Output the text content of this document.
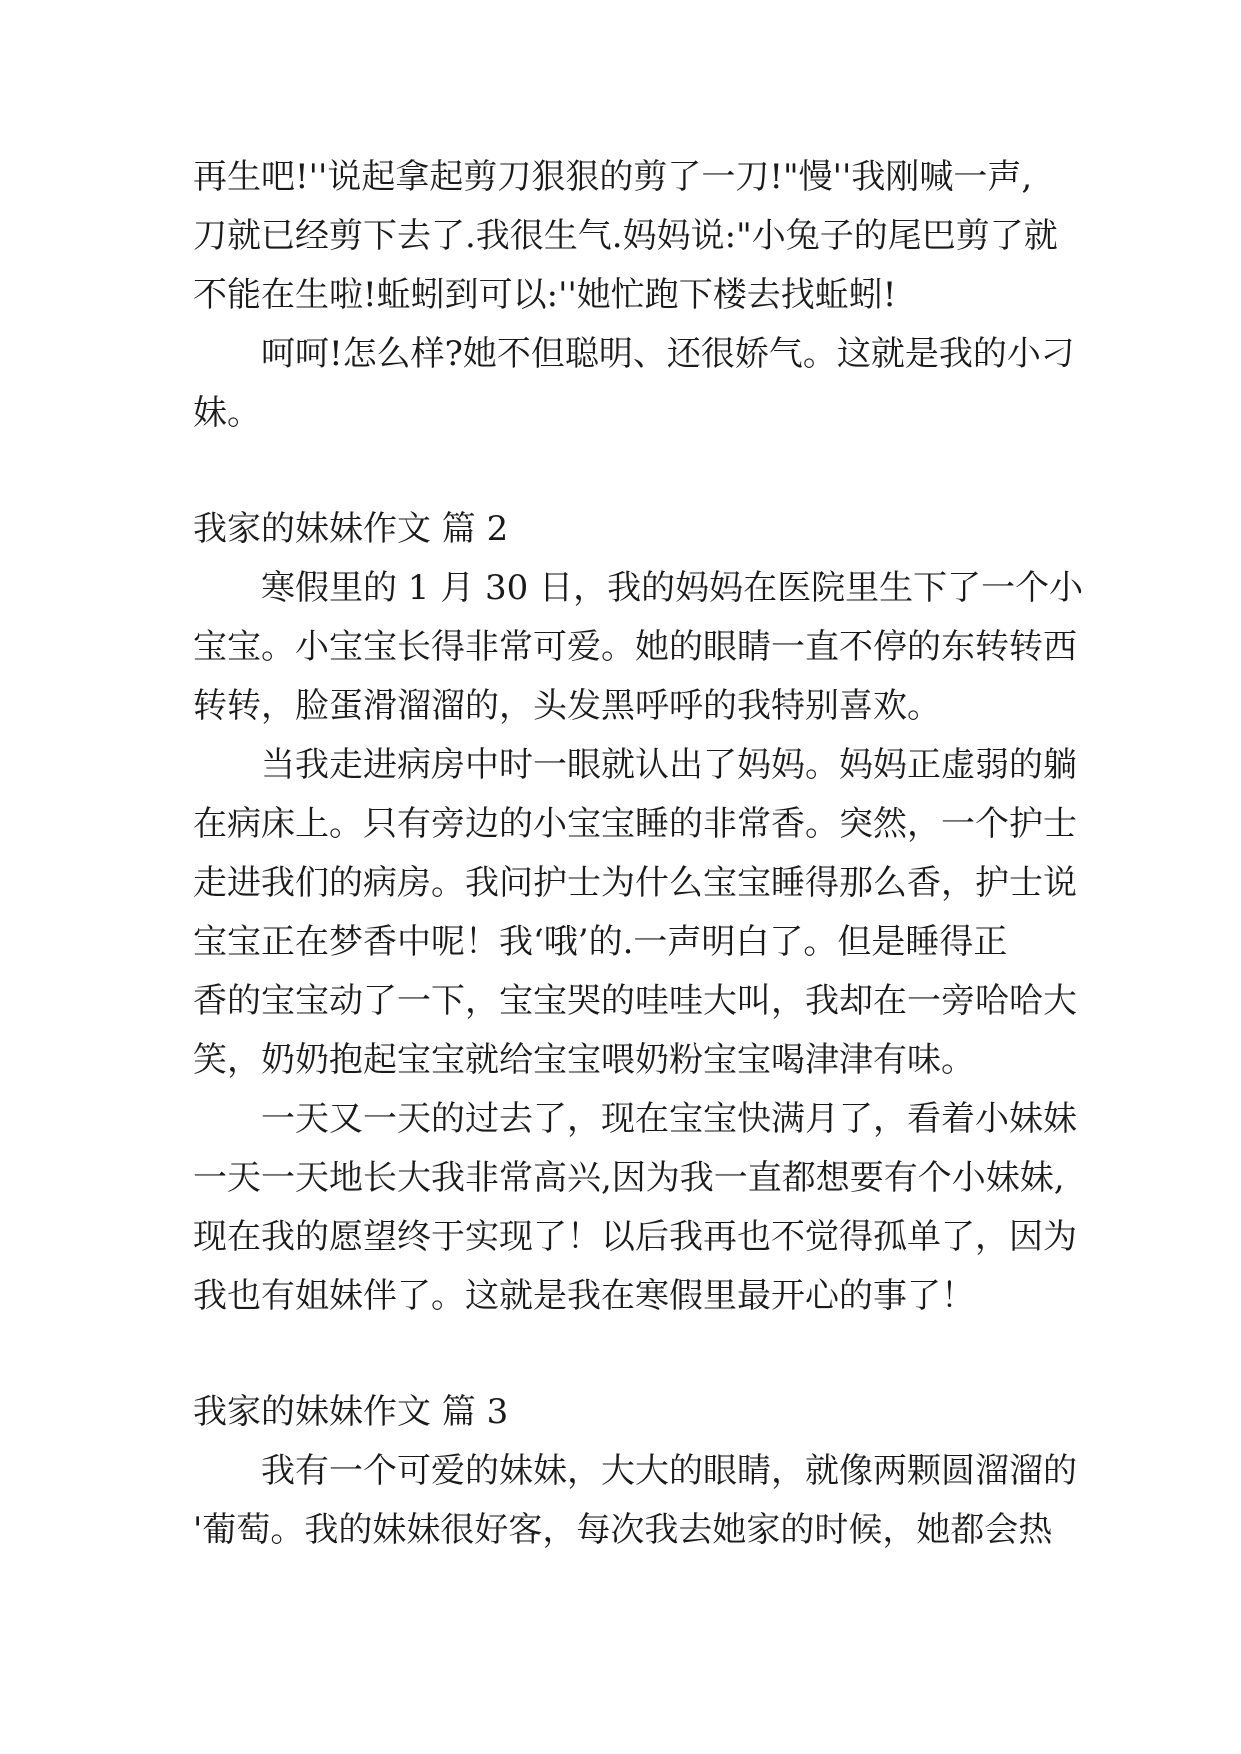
再生吧!''说起拿起剪刀狠狠的剪了一刀!"慢''我刚喊一声,
刀就已经剪下去了.我很生气.妈妈说:"小兔子的尾巴剪了就
不能在生啦!蚯蚓到可以:''她忙跑下楼去找蚯蚓!

呵呵!怎么样?她不但聪明、还很娇气。这就是我的小刁
妹。

我家的妹妹作文 篇 2

寒假里的 1 月 30 日，我的妈妈在医院里生下了一个小
宝宝。小宝宝长得非常可爱。她的眼睛一直不停的东转转西
转转，脸蛋滑溜溜的，头发黑呼呼的我特别喜欢。

当我走进病房中时一眼就认出了妈妈。妈妈正虚弱的躺
在病床上。只有旁边的小宝宝睡的非常香。突然，一个护士
走进我们的病房。我问护士为什么宝宝睡得那么香，护士说
宝宝正在梦香中呢！我‘哦’的.一声明白了。但是睡得正
香的宝宝动了一下，宝宝哭的哇哇大叫，我却在一旁哈哈大
笑，奶奶抱起宝宝就给宝宝喂奶粉宝宝喝津津有味。

一天又一天的过去了，现在宝宝快满月了，看着小妹妹
一天一天地长大我非常高兴,因为我一直都想要有个小妹妹,
现在我的愿望终于实现了！以后我再也不觉得孤单了，因为
我也有姐妹伴了。这就是我在寒假里最开心的事了！

我家的妹妹作文 篇 3

我有一个可爱的妹妹，大大的眼睛，就像两颗圆溜溜的
'葡萄。我的妹妹很好客，每次我去她家的时候，她都会热
